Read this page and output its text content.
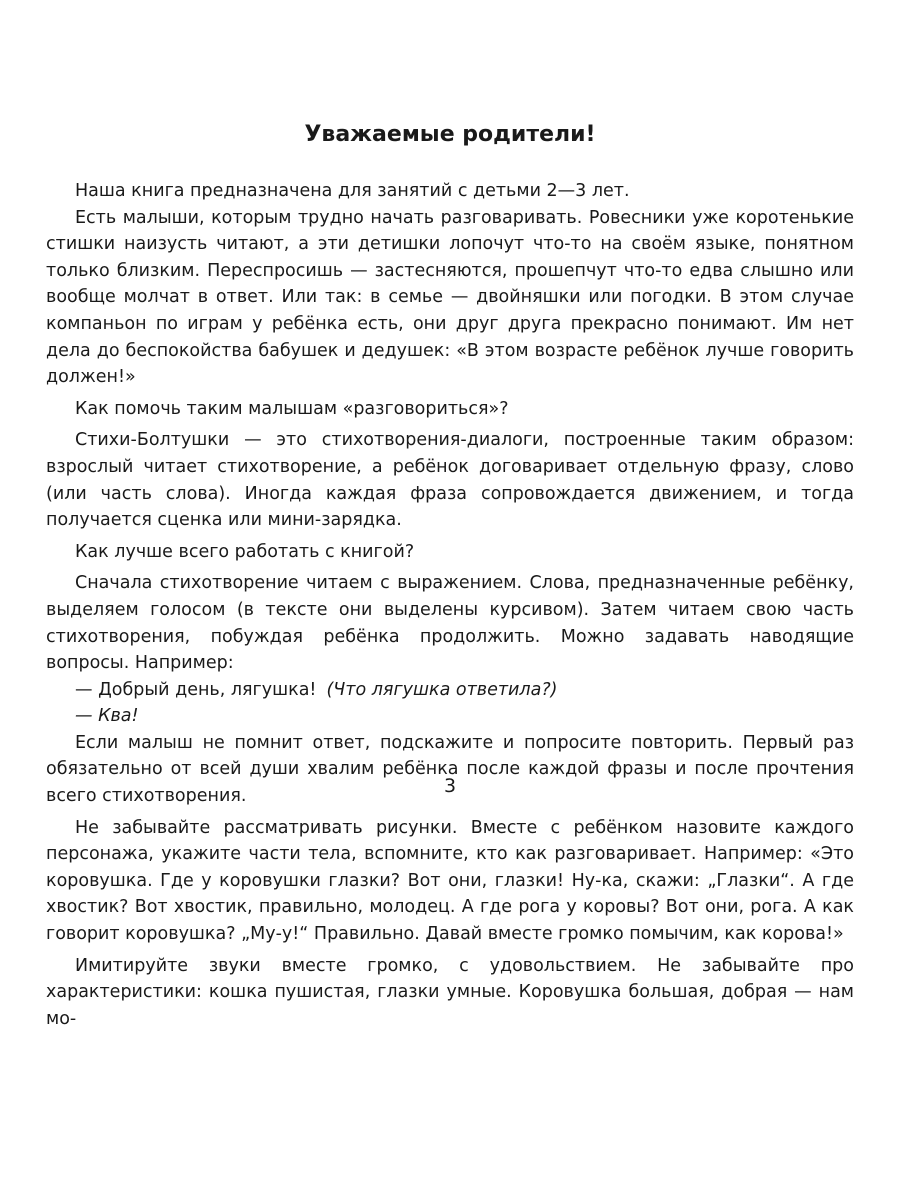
Уважаемые родители!

Наша книга предназначена для занятий с детьми 2—3 лет.

Есть малыши, которым трудно начать разговаривать. Ровесники уже коротенькие стишки наизусть читают, а эти детишки лопочут что-то на своём языке, понятном только близким. Переспросишь — застесняются, прошепчут что-то едва слышно или вообще молчат в ответ. Или так: в семье — двойняшки или погодки. В этом случае компаньон по играм у ребёнка есть, они друг друга прекрасно понимают. Им нет дела до беспокойства бабушек и дедушек: «В этом возрасте ребёнок лучше говорить должен!»

Как помочь таким малышам «разговориться»?

Стихи-Болтушки — это стихотворения-диалоги, построенные таким образом: взрослый читает стихотворение, а ребёнок договаривает отдельную фразу, слово (или часть слова). Иногда каждая фраза сопровождается движением, и тогда получается сценка или мини-зарядка.

Как лучше всего работать с книгой?

Сначала стихотворение читаем с выражением. Слова, предназначенные ребёнку, выделяем голосом (в тексте они выделены курсивом). Затем читаем свою часть стихотворения, побуждая ребёнка продолжить. Можно задавать наводящие вопросы. Например:

— Добрый день, лягушка! (Что лягушка ответила?)

— Ква!

Если малыш не помнит ответ, подскажите и попросите повторить. Первый раз обязательно от всей души хвалим ребёнка после каждой фразы и после прочтения всего стихотворения.

Не забывайте рассматривать рисунки. Вместе с ребёнком назовите каждого персонажа, укажите части тела, вспомните, кто как разговаривает. Например: «Это коровушка. Где у коровушки глазки? Вот они, глазки! Ну-ка, скажи: „Глазки“. А где хвостик? Вот хвостик, правильно, молодец. А где рога у коровы? Вот они, рога. А как говорит коровушка? „Му-у!“ Правильно. Давай вместе громко помычим, как корова!»

Имитируйте звуки вместе громко, с удовольствием. Не забывайте про характеристики: кошка пушистая, глазки умные. Коровушка большая, добрая — нам мо-

3
